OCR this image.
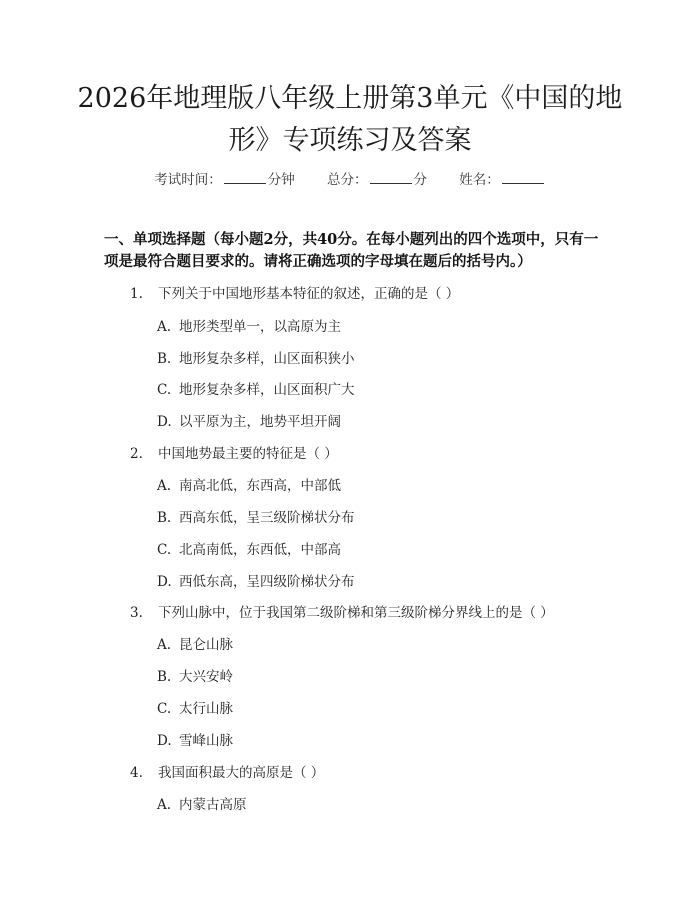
2026年地理版八年级上册第3单元《中国的地形》专项练习及答案
考试时间：	分钟 总分：	分 姓名：

一、单项选择题（每小题2分，共40分。在每小题列出的四个选项中，只有一项是最符合题目要求的。请将正确选项的字母填在题后的括号内。）

1. 下列关于中国地形基本特征的叙述，正确的是（ ）
A. 地形类型单一，以高原为主
B. 地形复杂多样，山区面积狭小
C. 地形复杂多样，山区面积广大
D. 以平原为主，地势平坦开阔
2. 中国地势最主要的特征是（ ）
A. 南高北低，东西高，中部低
B. 西高东低，呈三级阶梯状分布
C. 北高南低，东西低，中部高
D. 西低东高，呈四级阶梯状分布
3. 下列山脉中，位于我国第二级阶梯和第三级阶梯分界线上的是（ ）
A. 昆仑山脉
B. 大兴安岭
C. 太行山脉
D. 雪峰山脉
4. 我国面积最大的高原是（ ）
A. 内蒙古高原
